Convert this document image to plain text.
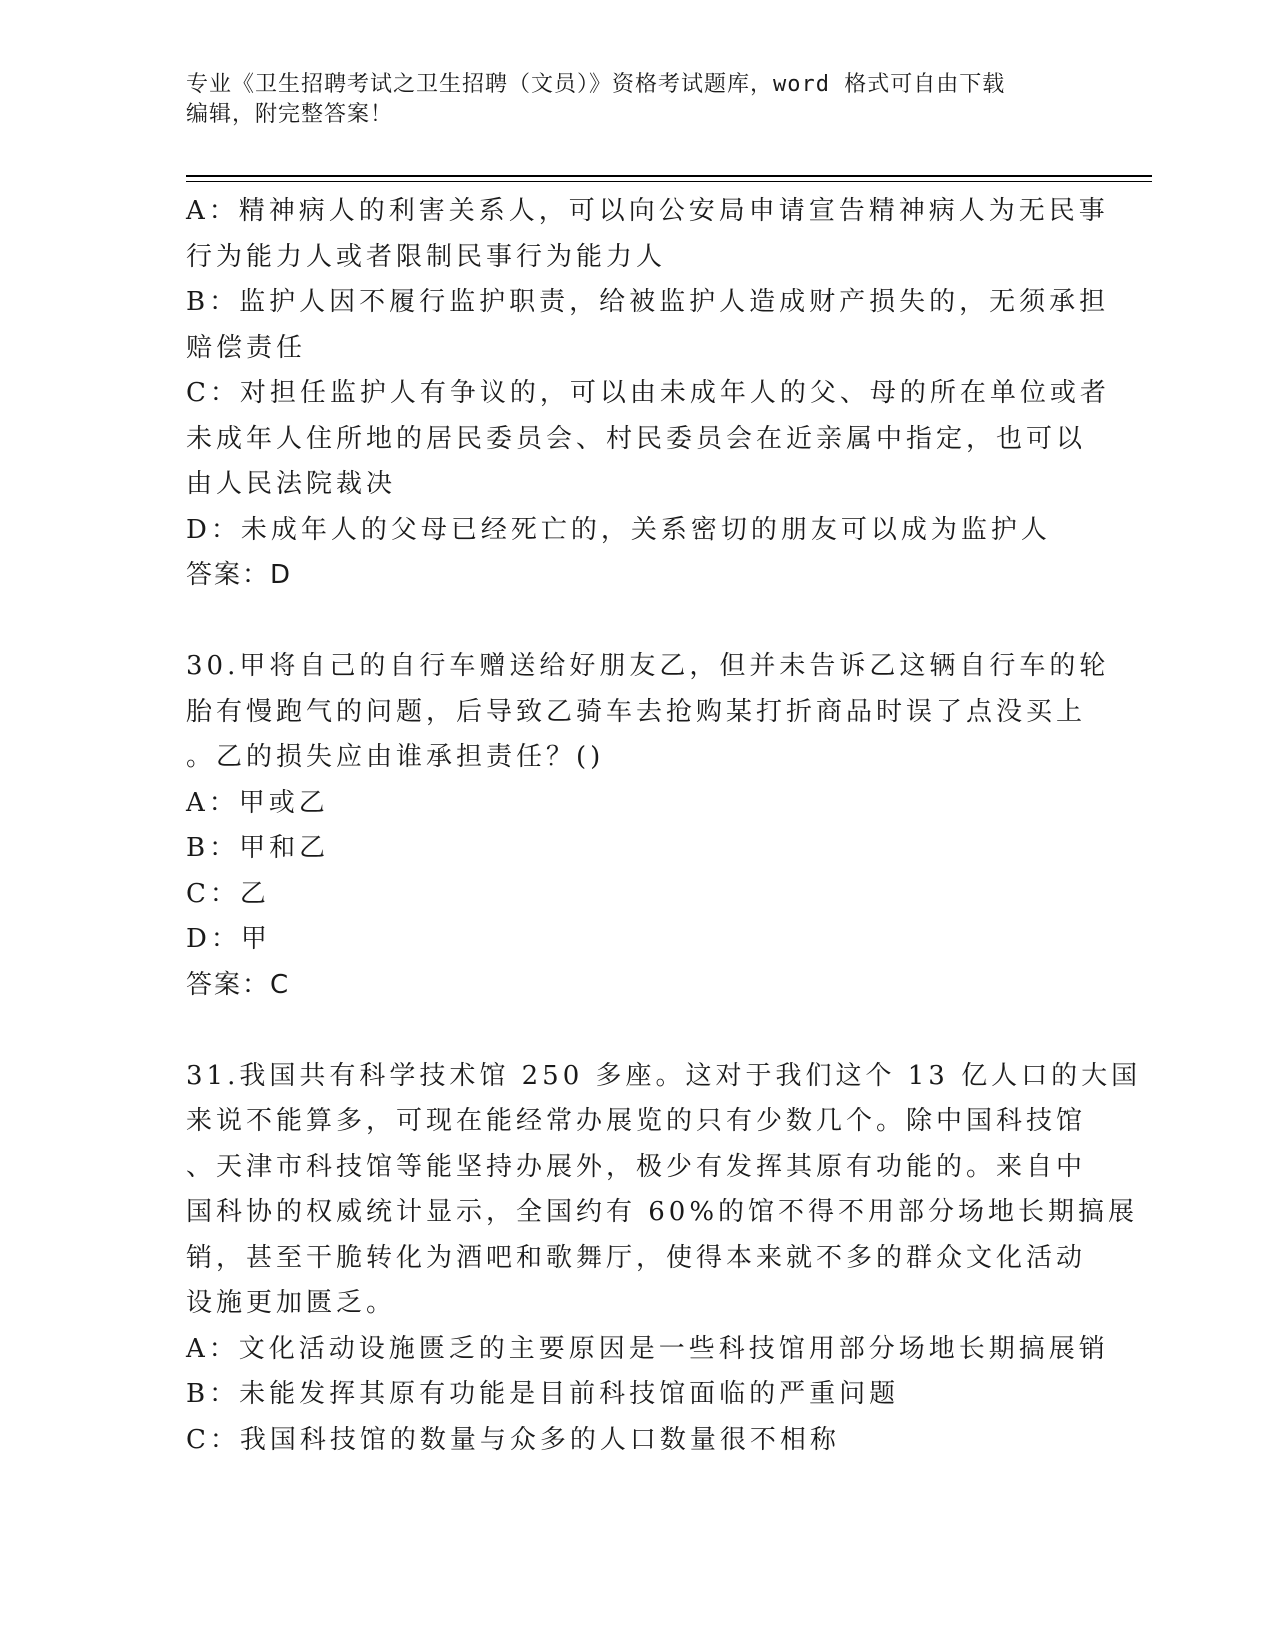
专业《卫生招聘考试之卫生招聘（文员）》资格考试题库，word 格式可自由下载
编辑，附完整答案！
A：精神病人的利害关系人，可以向公安局申请宣告精神病人为无民事
行为能力人或者限制民事行为能力人
B：监护人因不履行监护职责，给被监护人造成财产损失的，无须承担
赔偿责任
C：对担任监护人有争议的，可以由未成年人的父、母的所在单位或者
未成年人住所地的居民委员会、村民委员会在近亲属中指定，也可以
由人民法院裁决
D：未成年人的父母已经死亡的，关系密切的朋友可以成为监护人
答案：D
30.甲将自己的自行车赠送给好朋友乙，但并未告诉乙这辆自行车的轮
胎有慢跑气的问题，后导致乙骑车去抢购某打折商品时误了点没买上
。乙的损失应由谁承担责任？()
A：甲或乙
B：甲和乙
C：乙
D：甲
答案：C
31.我国共有科学技术馆 250 多座。这对于我们这个 13 亿人口的大国
来说不能算多，可现在能经常办展览的只有少数几个。除中国科技馆
、天津市科技馆等能坚持办展外，极少有发挥其原有功能的。来自中
国科协的权威统计显示，全国约有 60%的馆不得不用部分场地长期搞展
销，甚至干脆转化为酒吧和歌舞厅，使得本来就不多的群众文化活动
设施更加匮乏。
A：文化活动设施匮乏的主要原因是一些科技馆用部分场地长期搞展销
B：未能发挥其原有功能是目前科技馆面临的严重问题
C：我国科技馆的数量与众多的人口数量很不相称
